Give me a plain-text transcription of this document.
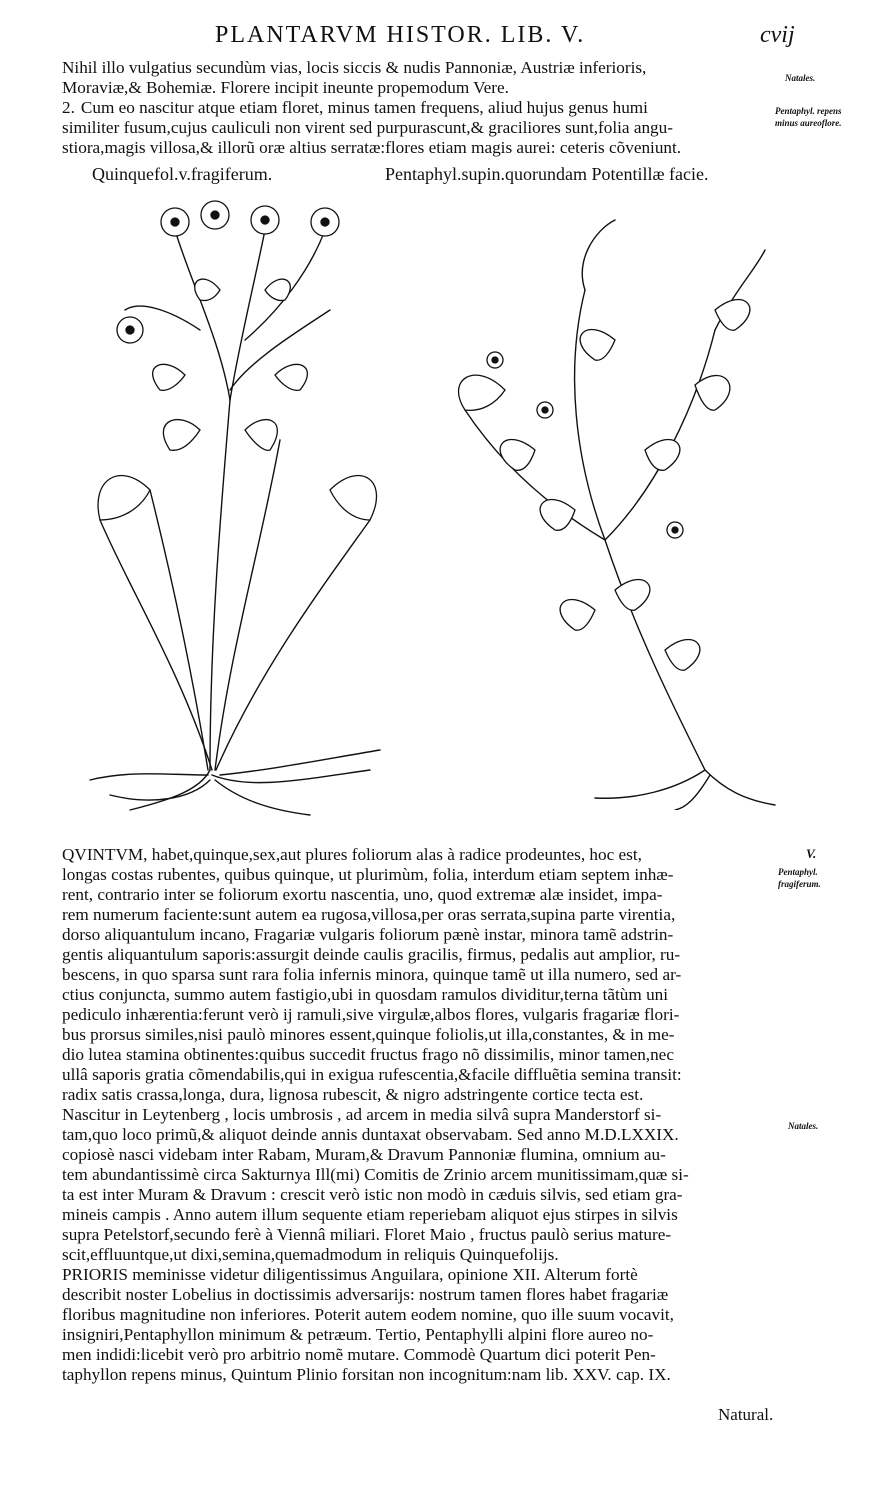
PLANTARVM HISTOR. LIB. V.	cvij
Nihil illo vulgatius secundùm vias, locis siccis & nudis Pannoniæ, Austriæ inferioris,
Moraviæ,& Bohemiæ. Florere incipit ineunte propemodum Vere.
2. Cum eo nascitur atque etiam floret, minus tamen frequens, aliud hujus genus humi
similiter fusum,cujus cauliculi non virent sed purpurascunt,& graciliores sunt,folia angu-
stiora,magis villosa,& illorũ oræ altius serratæ:flores etiam magis aurei: ceteris cõveniunt.
Natales.
Pentaphyl. repens minus aureoflore.
Quinquefol.v.fragiferum.	Pentaphyl.supin.quorundam Potentillæ facie.
QVINTVM, habet,quinque,sex,aut plures foliorum alas à radice prodeuntes, hoc est,
longas costas rubentes, quibus quinque, ut plurimùm, folia, interdum etiam septem inhæ-
rent, contrario inter se foliorum exortu nascentia, uno, quod extremæ alæ insidet, impa-
rem numerum faciente:sunt autem ea rugosa,villosa,per oras serrata,supina parte virentia,
dorso aliquantulum incano, Fragariæ vulgaris foliorum pænè instar, minora tamẽ adstrin-
gentis aliquantulum saporis:assurgit deinde caulis gracilis, firmus, pedalis aut amplior, ru-
bescens, in quo sparsa sunt rara folia infernis minora, quinque tamẽ ut illa numero, sed ar-
ctius conjuncta, summo autem fastigio,ubi in quosdam ramulos dividitur,terna tãtùm uni
pediculo inhærentia:ferunt verò ij ramuli,sive virgulæ,albos flores, vulgaris fragariæ flori-
bus prorsus similes,nisi paulò minores essent,quinque foliolis,ut illa,constantes, & in me-
dio lutea stamina obtinentes:quibus succedit fructus frago nõ dissimilis, minor tamen,nec
ullâ saporis gratia cõmendabilis,qui in exigua rufescentia,&facile diffluẽtia semina transit:
radix satis crassa,longa, dura, lignosa rubescit, & nigro adstringente cortice tecta est.
Nascitur in Leytenberg , locis umbrosis , ad arcem in media silvâ supra Manderstorf si-
tam,quo loco primũ,& aliquot deinde annis duntaxat observabam. Sed anno M.D.LXXIX.
copiosè nasci videbam inter Rabam, Muram,& Dravum Pannoniæ flumina, omnium au-
tem abundantissimè circa Sakturnya Ill(mi) Comitis de Zrinio arcem munitissimam,quæ si-
ta est inter Muram & Dravum : crescit verò istic non modò in cæduis silvis, sed etiam gra-
mineis campis . Anno autem illum sequente etiam reperiebam aliquot ejus stirpes in silvis
supra Petelstorf,secundo ferè à Viennâ miliari. Floret Maio , fructus paulò serius mature-
scit,effluuntque,ut dixi,semina,quemadmodum in reliquis Quinquefolijs.
PRIORIS meminisse videtur diligentissimus Anguilara, opinione XII. Alterum fortè
describit noster Lobelius in doctissimis adversarijs: nostrum tamen flores habet fragariæ
floribus magnitudine non inferiores. Poterit autem eodem nomine, quo ille suum vocavit,
insigniri,Pentaphyllon minimum & petræum. Tertio, Pentaphylli alpini flore aureo no-
men indidi:licebit verò pro arbitrio nomẽ mutare. Commodè Quartum dici poterit Pen-
taphyllon repens minus, Quintum Plinio forsitan non incognitum:nam lib. XXV. cap. IX.
Natural.
V.
Pentaphyl. fragiferum.
Natales.
